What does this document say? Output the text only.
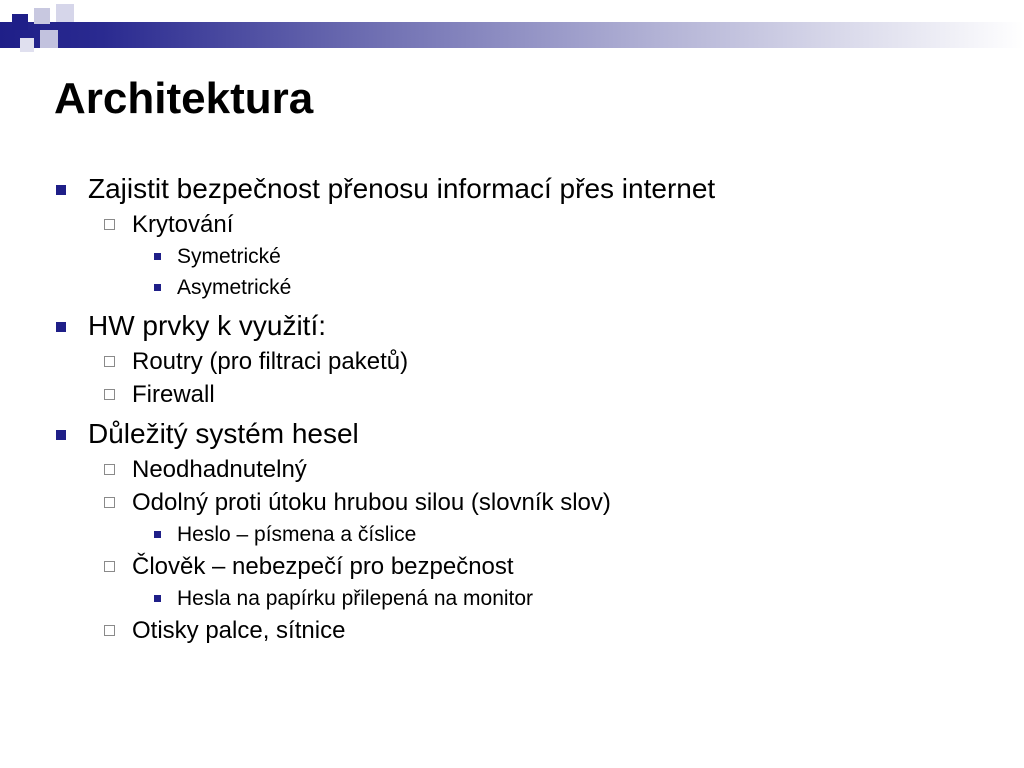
Architektura
Zajistit bezpečnost přenosu informací přes internet
Krytování
Symetrické
Asymetrické
HW prvky k využití:
Routry (pro filtraci paketů)
Firewall
Důležitý systém hesel
Neodhadnutelný
Odolný proti útoku hrubou silou (slovník slov)
Heslo – písmena a číslice
Člověk – nebezpečí pro bezpečnost
Hesla na papírku přilepená na monitor
Otisky palce, sítnice
